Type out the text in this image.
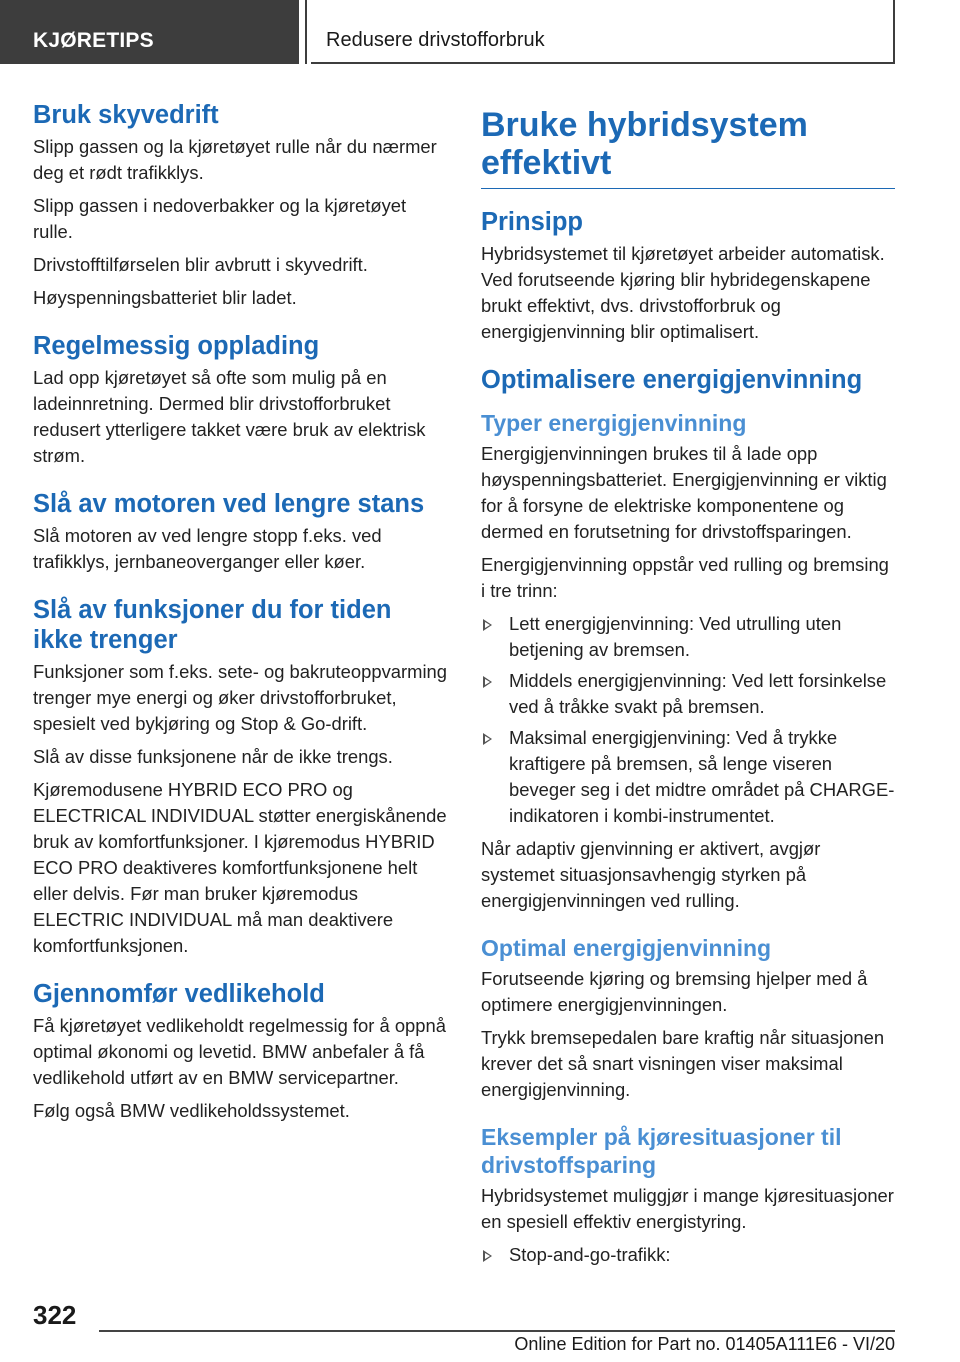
KJØRETIPS	Redusere drivstofforbruk
Bruk skyvedrift

Slipp gassen og la kjøretøyet rulle når du nærmer deg et rødt trafikklys.

Slipp gassen i nedoverbakker og la kjøretøyet rulle.

Drivstofftilførselen blir avbrutt i skyvedrift.

Høyspenningsbatteriet blir ladet.

Regelmessig opplading

Lad opp kjøretøyet så ofte som mulig på en ladeinnretning. Dermed blir drivstofforbruket redusert ytterligere takket være bruk av elektrisk strøm.

Slå av motoren ved lengre stans

Slå motoren av ved lengre stopp f.eks. ved trafikklys, jernbaneoverganger eller køer.

Slå av funksjoner du for tiden ikke trenger

Funksjoner som f.eks. sete- og bakruteoppvarming trenger mye energi og øker drivstofforbruket, spesielt ved bykjøring og Stop & Go-drift.

Slå av disse funksjonene når de ikke trengs.

Kjøremodusene HYBRID ECO PRO og ELECTRICAL INDIVIDUAL støtter energiskånende bruk av komfortfunksjoner. I kjøremodus HYBRID ECO PRO deaktiveres komfortfunksjonene helt eller delvis. Før man bruker kjøremodus ELECTRIC INDIVIDUAL må man deaktivere komfortfunksjonen.

Gjennomfør vedlikehold

Få kjøretøyet vedlikeholdt regelmessig for å oppnå optimal økonomi og levetid. BMW anbefaler å få vedlikehold utført av en BMW servicepartner.

Følg også BMW vedlikeholdssystemet.

Bruke hybridsystem effektivt
Prinsipp

Hybridsystemet til kjøretøyet arbeider automatisk. Ved forutseende kjøring blir hybridegenskapene brukt effektivt, dvs. drivstofforbruk og energigjenvinning blir optimalisert.

Optimalisere energigjenvinning
Typer energigjenvinning

Energigjenvinningen brukes til å lade opp høyspenningsbatteriet. Energigjenvinning er viktig for å forsyne de elektriske komponentene og dermed en forutsetning for drivstoffsparingen.

Energigjenvinning oppstår ved rulling og bremsing i tre trinn:

Lett energigjenvinning: Ved utrulling uten betjening av bremsen.
Middels energigjenvinning: Ved lett forsinkelse ved å tråkke svakt på bremsen.
Maksimal energigjenvining: Ved å trykke kraftigere på bremsen, så lenge viseren beveger seg i det midtre området på CHARGE-indikatoren i kombi-instrumentet.

Når adaptiv gjenvinning er aktivert, avgjør systemet situasjonsavhengig styrken på energigjenvinningen ved rulling.

Optimal energigjenvinning

Forutseende kjøring og bremsing hjelper med å optimere energigjenvinningen.

Trykk bremsepedalen bare kraftig når situasjonen krever det så snart visningen viser maksimal energigjenvinning.

Eksempler på kjøresituasjoner til drivstoffsparing

Hybridsystemet muliggjør i mange kjøresituasjoner en spesiell effektiv energistyring.

Stop-and-go-trafikk:
322
Online Edition for Part no. 01405A111E6 - VI/20
